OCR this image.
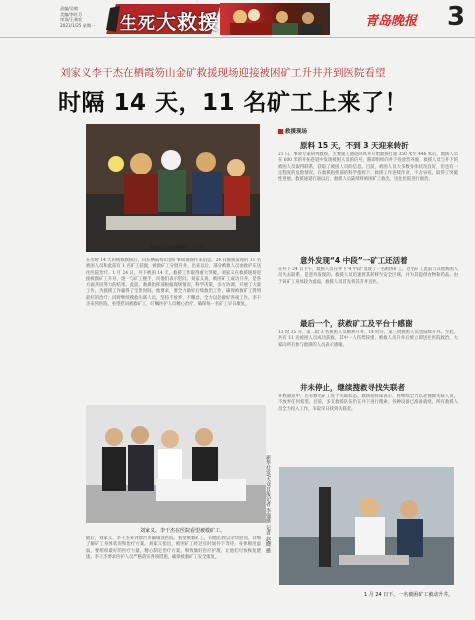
责编/吴敏
美编/李红芬
审读/王林宏
2021/1/25 星期一 生死大救援	青岛晚报 3
刘家义李干杰在栖霞笏山金矿救援现场迎接被困矿工升井并到医院看望
时隔 14 天，11 名矿工上来了！
刘家义迎接被救矿工升井。
在历时 14 天的搜救救援后，山东栖霞笏山金矿事故现场传来消息，24 日救援发现的 11 名被困人员和此前有 1 名矿工获救，被救矿工分批升井。出来以后，部分被救人员由救护车送往医院治疗。1 月 24 日，井下被困 14 天，救援工作取得重大突破。刘家义在救援现场迎接被救矿工升井，逐一与矿工握手，向他们表示慰问。刘家义说，被困矿工成功升井，是各方面共同努力的结果。此前，救援指挥部根据现场情况，科学决策，多方协调，开展了大量工作，为救援工作赢得了宝贵时间。他要求，要全力做好后续救治工作，确保被救矿工得到最好的治疗；同时继续搜救失联人员，坚持不放弃、不懈怠，全力以赴做好各项工作。李干杰来到医院，看望慰问被救矿工，叮嘱医护人员精心治疗，确保每一名矿工早日康复。
刘家义、李干杰在医院看望被救矿工。
随后，刘家义、李干杰来到烟台市毓璜顶医院，看望被救矿工，向他们致以亲切慰问，详细了解矿工身体状况和治疗方案。刘家义指出，被困矿工经过长时间井下等待，身体极度虚弱，要组织最好的医疗力量，精心制定治疗方案，细致做好医疗护理，让他们尽快恢复健康。李干杰要求医护人员严格落实各项措施，确保被救矿工安全康复。
新华社发/大众日报记者 李强摄 记者 赵晓 摄
救援现场
原料 15 天，不到 3 天迎来转折
21 日，事故专家研判救援，主要施工通道回风井开始救援打通 350 米至 446 米后，救援人员在 600 米的开拓巷道中发现被困人员的信号，随即组织向井下投放营养液、救援人员与井下的被困人员取得联系，获取了被困人员的信息。目前，被困人员大多数身体状况良好，但也有一定程度的危险情况。在救援指挥部的科学指挥下，救援工作连续作业，不舍昼夜，取得了突破性进展。救援通道打通以后，救援人员陆续将被困矿工救出，送往医院进行救治。
意外发现“4 中段”一矿工还活着
在井下 24 日下午，救援人员在井下“4 中段”发现了一名被困矿工，这名矿工此前与其他被困人员失去联系，是意外发现的。救援人员迅速将其转移至安全区域，并为其提供食物和药品。由于该矿工身体较为虚弱，救援人员首先将其升井送医。
最后一个，获救矿工及平台十感谢
13 时 35 分，第二批 3 名被困人员顺利升井。14 时许，第三批被困人员也陆续升井。至此，共有 11 名被困人员成功获救，其中一人伤势较重。被救人员升井后被立即送往医院救治，大家向所有参与救援的人员表示感谢。
井未停止，继续搜救寻找失联者
井底通道中，还有数名矿工处于失联状态。救援指挥部表示，将继续全力以赴搜救失联人员，不放弃任何希望。目前，多支救援队伍仍在井下进行搜索，各种设备已准备就绪，所有救援人员全力投入工作，争取早日找到失联者。
1 月 24 日下，一名被困矿工被动升井。
